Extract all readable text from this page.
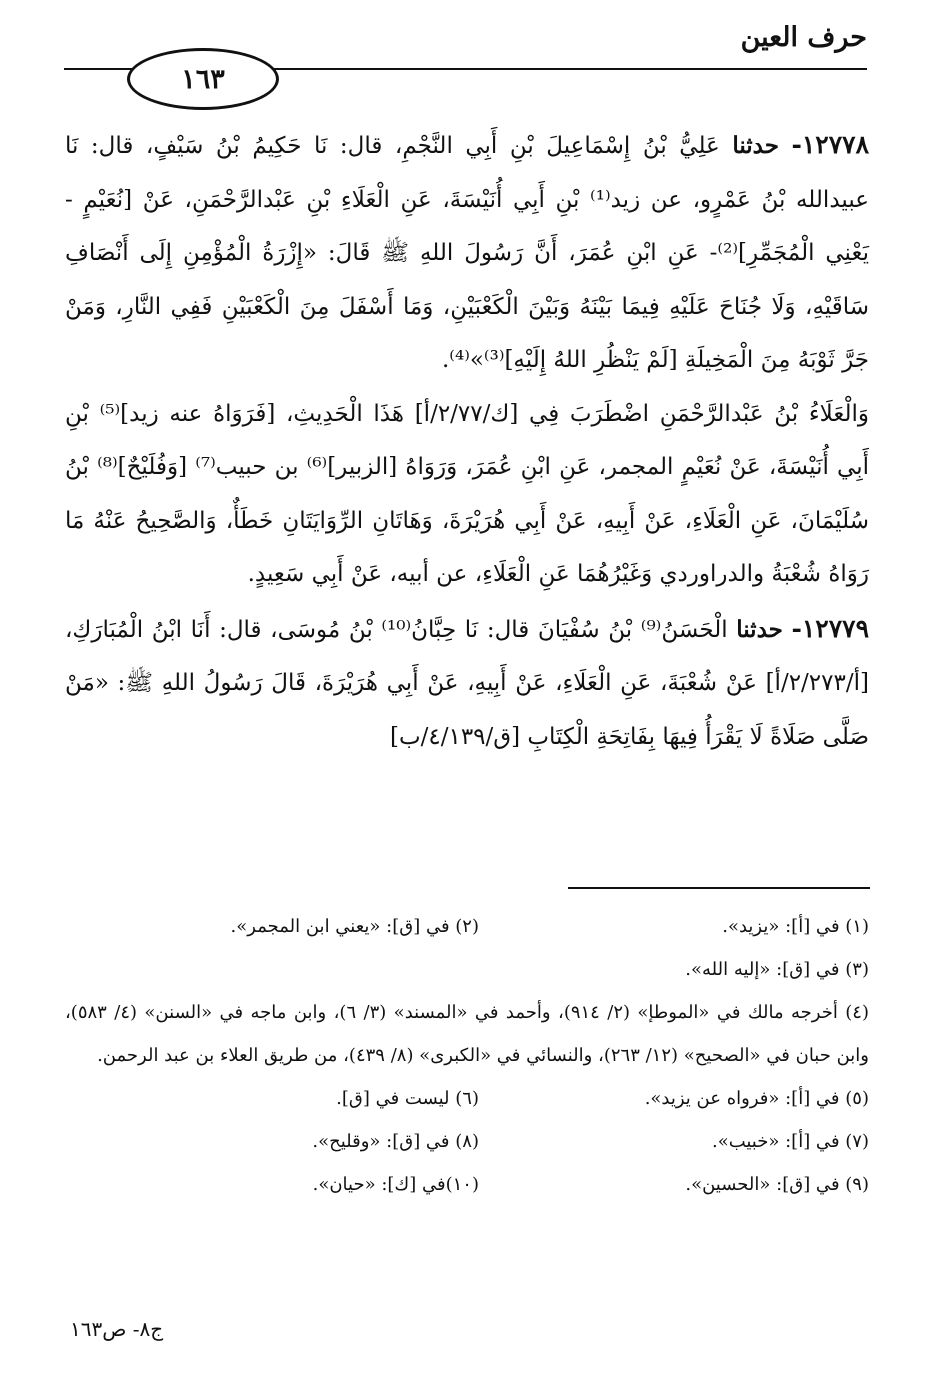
حرف العين
١٦٣
١٢٧٧٨- حدثنا عَلِيُّ بْنُ إِسْمَاعِيلَ بْنِ أَبِي النَّجْمِ، قال: نَا حَكِيمُ بْنُ سَيْفٍ، قال: نَا عبيدالله بْنُ عَمْرٍو، عن زيد⁽¹⁾ بْنِ أَبِي أُنَيْسَةَ، عَنِ الْعَلَاءِ بْنِ عَبْدالرَّحْمَنِ، عَنْ [نُعَيْمٍ - يَعْنِي الْمُجَمِّرِ]⁽²⁾- عَنِ ابْنِ عُمَرَ، أَنَّ رَسُولَ اللهِ ﷺ قَالَ: «إِزْرَةُ الْمُؤْمِنِ إِلَى أَنْصَافِ سَاقَيْهِ، وَلَا جُنَاحَ عَلَيْهِ فِيمَا بَيْنَهُ وَبَيْنَ الْكَعْبَيْنِ، وَمَا أَسْفَلَ مِنَ الْكَعْبَيْنِ فَفِي النَّارِ، وَمَنْ جَرَّ ثَوْبَهُ مِنَ الْمَخِيلَةِ [لَمْ يَنْظُرِ اللهُ إِلَيْهِ]⁽³⁾»⁽⁴⁾.
وَالْعَلَاءُ بْنُ عَبْدالرَّحْمَنِ اضْطَرَبَ فِي [ك/٢/٧٧/أ] هَذَا الْحَدِيثِ، [فَرَوَاهُ عنه زيد]⁽⁵⁾ بْنِ أَبِي أُنَيْسَةَ، عَنْ نُعَيْمٍ المجمر، عَنِ ابْنِ عُمَرَ، وَرَوَاهُ [الزبير]⁽⁶⁾ بن حبيب⁽⁷⁾ [وَفُلَيْحٌ]⁽⁸⁾ بْنُ سُلَيْمَانَ، عَنِ الْعَلَاءِ، عَنْ أَبِيهِ، عَنْ أَبِي هُرَيْرَةَ، وَهَاتَانِ الرِّوَايَتَانِ خَطَأٌ، وَالصَّحِيحُ عَنْهُ مَا رَوَاهُ شُعْبَةُ والدراوردي وَغَيْرُهُمَا عَنِ الْعَلَاءِ، عن أبيه، عَنْ أَبِي سَعِيدٍ.
١٢٧٧٩- حدثنا الْحَسَنُ⁽⁹⁾ بْنُ سُفْيَانَ قال: نَا حِبَّانُ⁽¹⁰⁾ بْنُ مُوسَى، قال: أَنَا ابْنُ الْمُبَارَكِ، [أ/٢/٢٧٣/أ] عَنْ شُعْبَةَ، عَنِ الْعَلَاءِ، عَنْ أَبِيهِ، عَنْ أَبِي هُرَيْرَةَ، قَالَ رَسُولُ اللهِ ﷺ: «مَنْ صَلَّى صَلَاةً لَا يَقْرَأُ فِيهَا بِفَاتِحَةِ الْكِتَابِ [ق/٤/١٣٩/ب]
(١) في [أ]: «يزيد».
(٢) في [ق]: «يعني ابن المجمر».
(٣) في [ق]: «إليه الله».
(٤) أخرجه مالك في «الموطإ» (٢/ ٩١٤)، وأحمد في «المسند» (٣/ ٦)، وابن ماجه في «السنن» (٤/ ٥٨٣)، وابن حبان في «الصحيح» (١٢/ ٢٦٣)، والنسائي في «الكبرى» (٨/ ٤٣٩)، من طريق العلاء بن عبد الرحمن.
(٥) في [أ]: «فرواه عن يزيد».
(٦) ليست في [ق].
(٧) في [أ]: «خبيب».
(٨) في [ق]: «وقليح».
(٩) في [ق]: «الحسين».
(١٠)في [ك]: «حيان».
ج٨- ص١٦٣
